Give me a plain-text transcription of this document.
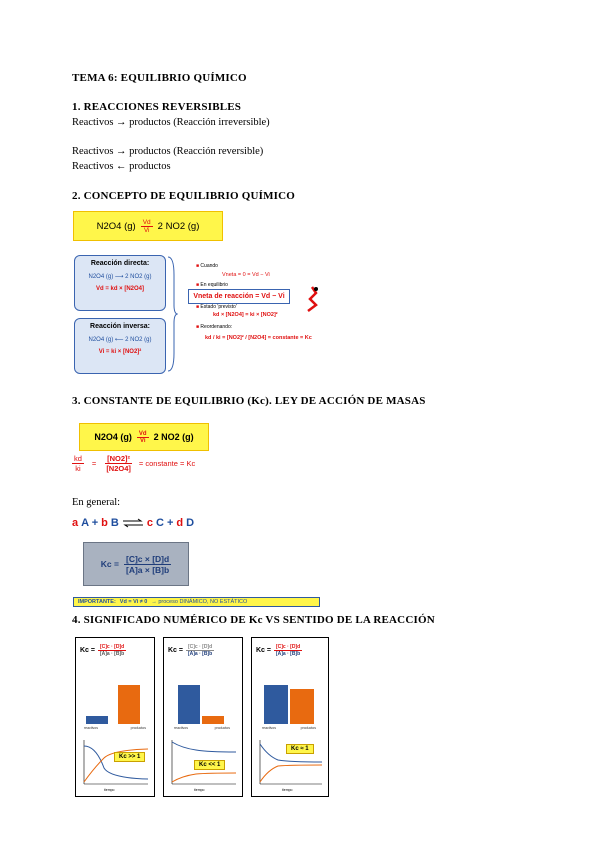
TEMA 6: EQUILIBRIO QUÍMICO
1. REACCIONES REVERSIBLES
Reactivos → productos (Reacción irreversible)
Reactivos → productos (Reacción reversible)
Reactivos ← productos
2. CONCEPTO DE EQUILIBRIO QUÍMICO
N2O4 $(g) \frac{Vd}{Vi} 2$ NO2 (g)
Reacción directa:
N2O4 (g) ⟶ 2 NO2 (g)
Vd = kd × [N2O4]
Reacción inversa:
N2O4 (g) ⟵ 2 NO2 (g)
Vi = ki × [NO2]²
■ Cuando
Vneta = 0 = Vd − Vi
■ En equilibrio
Vneta de reacción = Vd − Vi
■ Estado 'previsto'
kd × [N2O4] = ki × [NO2]²
■ Reordenando:
kd / ki = [NO2]² / [N2O4] = constante = Kc
3. CONSTANTE DE EQUILIBRIO (Kc). LEY DE ACCIÓN DE MASAS
N2O4 $(g) \frac{Vd}{Vi} 2$ NO2 (g)
$\frac{kd}{ki} = \frac{\text{[NO2]²}}{[N2O4]}$ = constante = Kc
En general:
a A + b B ⇌ c C + d D
$Kc = \frac{[C]c \times [D]d}{[A]a \times [B]b}$
IMPORTANTE: Vd = Vi ≠ 0 → proceso DINÁMICO, NO ESTÁTICO
4. SIGNIFICADO NUMÉRICO DE Kc VS SENTIDO DE LA REACCIÓN
$Kc = \frac{[C]c \cdot [D]d}{[A]a \cdot [B]b}$
reactivos	productos
Kc >> 1
tiempo
$Kc = \frac{[C]c \cdot [D]d}{[A]a \cdot [B]b}$
reactivos	productos
Kc << 1
tiempo
$Kc = \frac{[C]c \cdot [D]d}{[A]a \cdot [B]b}$
reactivos	productos
Kc ≈ 1
tiempo
